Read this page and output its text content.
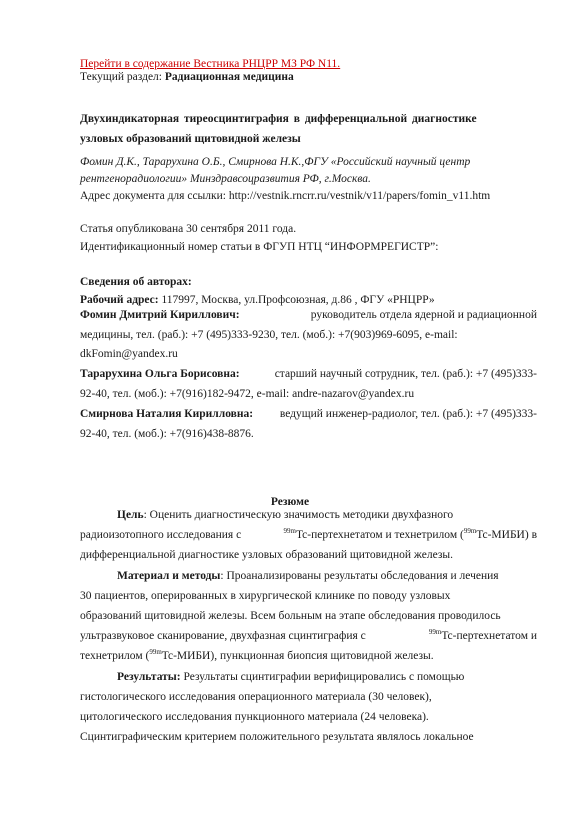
Перейти в содержание Вестника РНЦРР МЗ РФ N11.
Текущий раздел: Радиационная медицина
Двухиндикаторная тиреосцинтиграфия в дифференциальной диагностике
узловых образований щитовидной железы
Фомин Д.К., Тарарухина О.Б., Смирнова Н.К.,ФГУ «Российский научный центр
рентгенорадиологии» Минздравсоцразвития РФ, г.Москва.
Адрес документа для ссылки: http://vestnik.rncrr.ru/vestnik/v11/papers/fomin_v11.htm
Статья опубликована 30 сентября 2011 года.
Идентификационный номер статьи в ФГУП НТЦ “ИНФОРМРЕГИСТР”:
Сведения об авторах:
Рабочий адрес: 117997, Москва, ул.Профсоюзная, д.86 , ФГУ «РНЦРР»
Фомин Дмитрий Кириллович:	руководитель отдела ядерной и радиационной
медицины, тел. (раб.): +7 (495)333-9230, тел. (моб.): +7(903)969-6095, e-mail:
dkFomin@yandex.ru
Тарарухина Ольга Борисовна:	старший научный сотрудник, тел. (раб.): +7 (495)333-
92-40, тел. (моб.): +7(916)182-9472, e-mail: andre-nazarov@yandex.ru
Смирнова Наталия Кирилловна: ведущий инженер-радиолог, тел. (раб.): +7 (495)333-
92-40, тел. (моб.): +7(916)438-8876.
Резюме
Цель: Оценить диагностическую значимость методики двухфазного
радиоизотопного исследования с	$^{99m}$Tc-пертехнетатом и технетрилом ($^{99m}$Tc-МИБИ) в
дифференциальной диагностике узловых образований щитовидной железы.
Материал и методы: Проанализированы результаты обследования и лечения
30 пациентов, оперированных в хирургической клинике по поводу узловых
образований щитовидной железы. Всем больным на этапе обследования проводилось
ультразвуковое сканирование, двухфазная сцинтиграфия с	$^{99m}$Tc-пертехнетатом и
технетрилом ($^{99m}$Tc-МИБИ), пункционная биопсия щитовидной железы.
Результаты: Результаты сцинтиграфии верифицировались с помощью
гистологического исследования операционного материала (30 человек),
цитологического исследования пункционного материала (24 человека).
Сцинтиграфическим критерием положительного результата являлось локальное
